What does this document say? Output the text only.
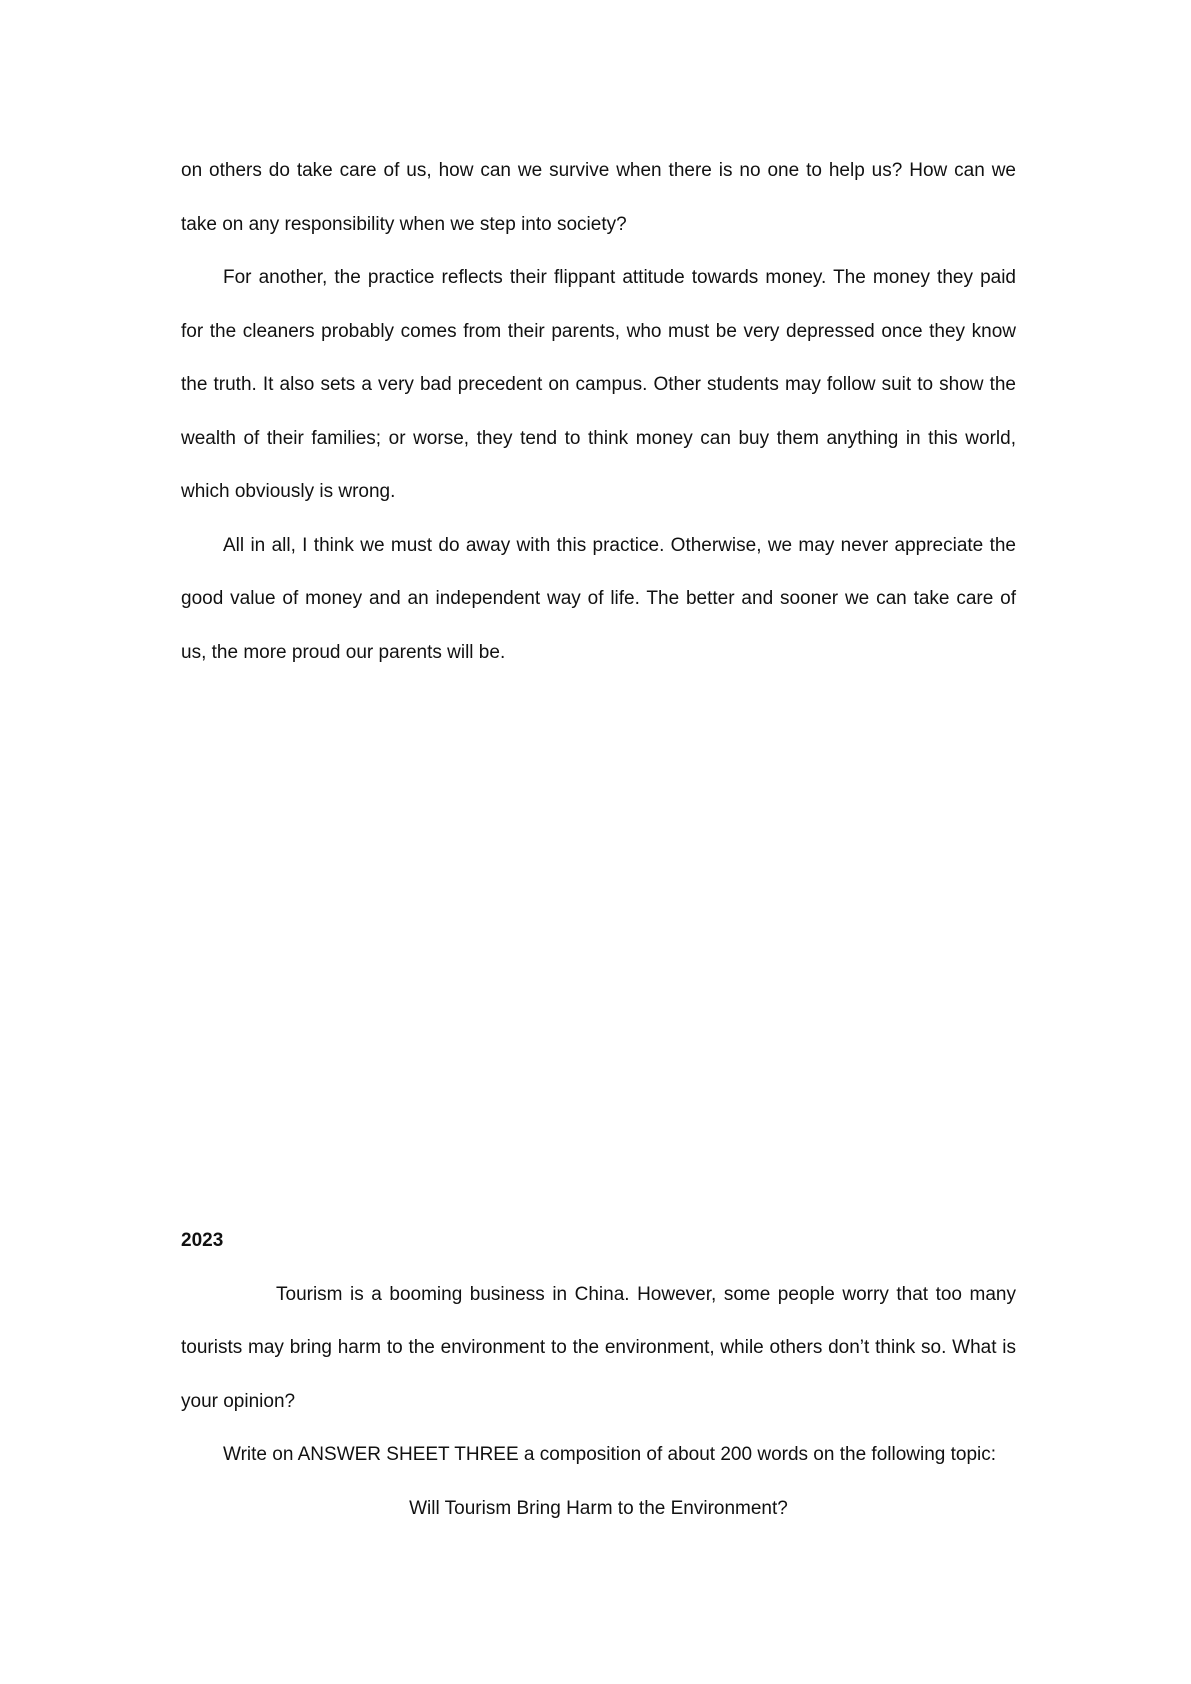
on others do take care of us, how can we survive when there is no one to help us? How can we take on any responsibility when we step into society?

For another, the practice reflects their flippant attitude towards money. The money they paid for the cleaners probably comes from their parents, who must be very depressed once they know the truth. It also sets a very bad precedent on campus. Other students may follow suit to show the wealth of their families; or worse, they tend to think money can buy them anything in this world, which obviously is wrong.

All in all, I think we must do away with this practice. Otherwise, we may never appreciate the good value of money and an independent way of life. The better and sooner we can take care of us, the more proud our parents will be.

2023

Tourism is a booming business in China. However, some people worry that too many tourists may bring harm to the environment to the environment, while others don’t think so. What is your opinion?

Write on ANSWER SHEET THREE a composition of about 200 words on the following topic:

Will Tourism Bring Harm to the Environment?
